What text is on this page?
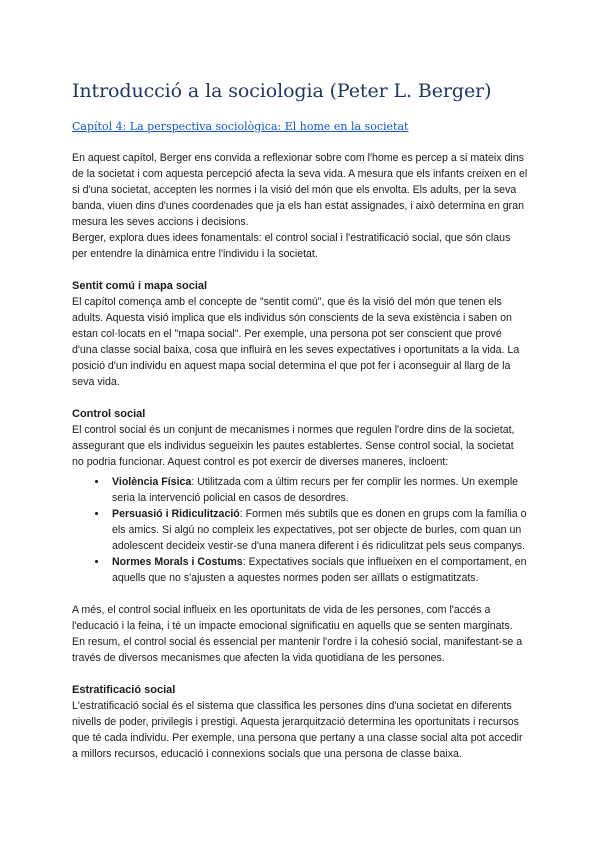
Introducció a la sociologia (Peter L. Berger)
Capítol 4: La perspectiva sociològica: El home en la societat

En aquest capítol, Berger ens convida a reflexionar sobre com l'home es percep a si mateix dins de la societat i com aquesta percepció afecta la seva vida. A mesura que els infants creixen en el si d'una societat, accepten les normes i la visió del món que els envolta. Els adults, per la seva banda, viuen dins d'unes coordenades que ja els han estat assignades, i això determina en gran mesura les seves accions i decisions.

Berger, explora dues idees fonamentals: el control social i l'estratificació social, que són claus per entendre la dinàmica entre l'individu i la societat.

Sentit comú i mapa social

El capítol comença amb el concepte de "sentit comú", que és la visió del món que tenen els adults. Aquesta visió implica que els individus són conscients de la seva existència i saben on estan col·locats en el "mapa social". Per exemple, una persona pot ser conscient que prové d'una classe social baixa, cosa que influirà en les seves expectatives i oportunitats a la vida. La posició d'un individu en aquest mapa social determina el que pot fer i aconseguir al llarg de la seva vida.

Control social

El control social és un conjunt de mecanismes i normes que regulen l'ordre dins de la societat, assegurant que els individus segueixin les pautes establertes. Sense control social, la societat no podria funcionar. Aquest control es pot exercir de diverses maneres, incloent:

• Violència Física: Utilitzada com a últim recurs per fer complir les normes. Un exemple seria la intervenció policial en casos de desordres.
• Persuasió i Ridiculització: Formen més subtils que es donen en grups com la família o els amics. Si algú no compleix les expectatives, pot ser objecte de burles, com quan un adolescent decideix vestir-se d'una manera diferent i és ridiculitzat pels seus companys.
• Normes Morals i Costums: Expectatives socials que influeixen en el comportament, en aquells que no s'ajusten a aquestes normes poden ser aïllats o estigmatitzats.

A més, el control social influeix en les oportunitats de vida de les persones, com l'accés a l'educació i la feina, i té un impacte emocional significatiu en aquells que se senten marginats. En resum, el control social és essencial per mantenir l'ordre i la cohesió social, manifestant-se a través de diversos mecanismes que afecten la vida quotidiana de les persones.

Estratificació social

L'estratificació social és el sistema que classifica les persones dins d'una societat en diferents nivells de poder, privilegis i prestigi. Aquesta jerarquització determina les oportunitats i recursos que té cada individu. Per exemple, una persona que pertany a una classe social alta pot accedir a millors recursos, educació i connexions socials que una persona de classe baixa.
